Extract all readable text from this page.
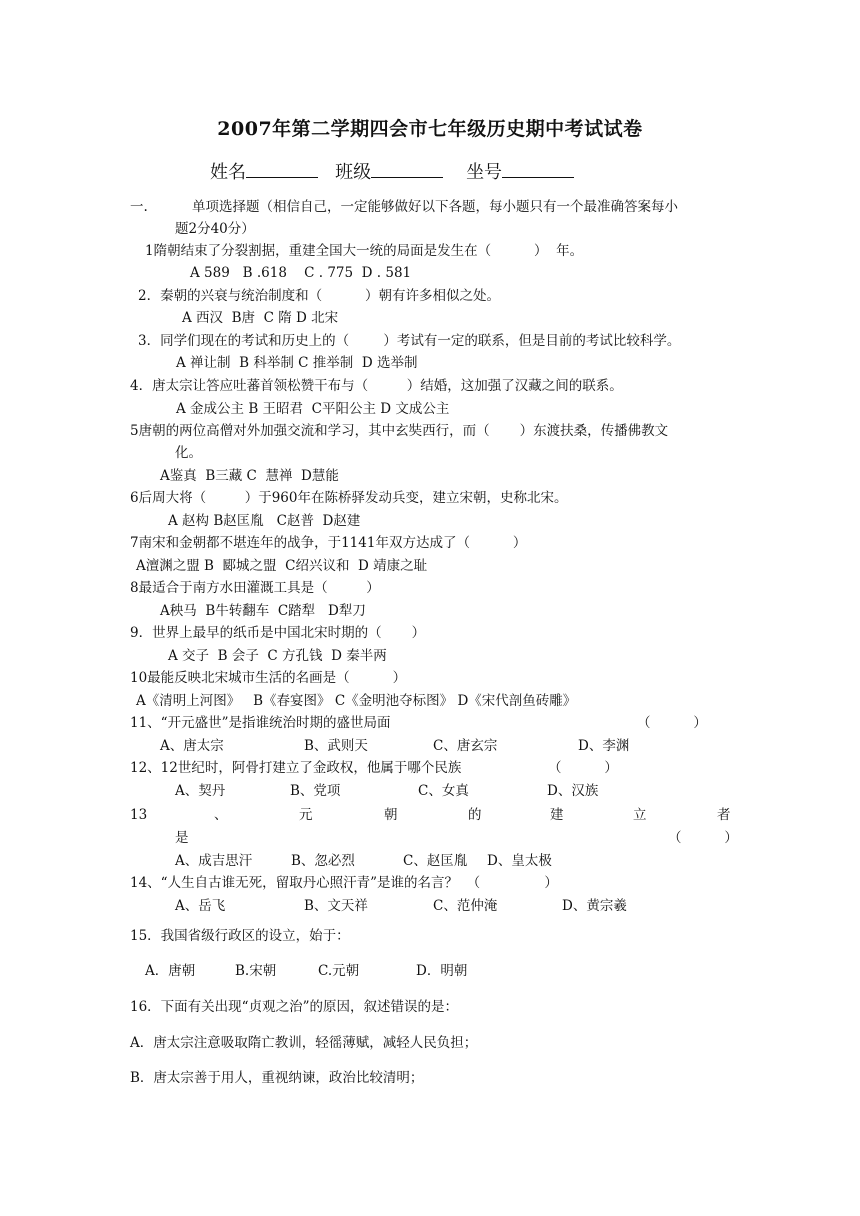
2007年第二学期四会市七年级历史期中考试试卷
姓名	班级	坐号
一.	单项选择题（相信自己，一定能够做好以下各题，每小题只有一个最准确答案每小
题2分40分）
1隋朝结束了分裂割据，重建全国大一统的局面是发生在（          ）  年。
A 589   B .618    C . 775  D . 581
2．秦朝的兴衰与统治制度和（          ）朝有许多相似之处。
A 西汉  B唐  C 隋 D 北宋
3．同学们现在的考试和历史上的（        ）考试有一定的联系，但是目前的考试比较科学。
A 禅让制  B 科举制 C 推举制  D 选举制
4．唐太宗让答应吐蕃首领松赞干布与（         ）结婚，这加强了汉藏之间的联系。
A 金成公主 B 王昭君  C平阳公主 D 文成公主
5唐朝的两位高僧对外加强交流和学习，其中玄奘西行，而（       ）东渡扶桑，传播佛教文
化。
A鉴真  B三藏 C  慧禅  D慧能
6后周大将（         ）于960年在陈桥驿发动兵变，建立宋朝，史称北宋。
A 赵构 B赵匡胤   C赵普  D赵建
7南宋和金朝都不堪连年的战争，于1141年双方达成了（          ）
A澶渊之盟 B  郾城之盟  C绍兴议和  D 靖康之耻
8最适合于南方水田灌溉工具是（         ）
A秧马  B牛转翻车  C踏犁   D犁刀
9．世界上最早的纸币是中国北宋时期的（       ）
A 交子  B 会子  C 方孔钱  D 秦半两
10最能反映北宋城市生活的名画是（          ）
A《清明上河图》   B《春宴图》 C《金明池夺标图》 D《宋代剖鱼砖雕》
11、“开元盛世”是指谁统治时期的盛世局面	（          ）
A、唐太宗	B、武则天	C、唐玄宗	D、李渊
12、12世纪时，阿骨打建立了金政权，他属于哪个民族	（          ）
A、契丹	B、党项	C、女真	D、汉族
13	、	元	朝	的	建	立	者
是	（          ）
A、成吉思汗	B、忽必烈	C、赵匡胤 D、皇太极
14、“人生自古谁无死，留取丹心照汗青”是谁的名言？  （               ）
A、岳飞	B、文天祥	C、范仲淹	D、黄宗羲
15．我国省级行政区的设立，始于：
A．唐朝	B.宋朝	C.元朝	D．明朝
16．下面有关出现“贞观之治”的原因，叙述错误的是：
A．唐太宗注意吸取隋亡教训，轻徭薄赋，减轻人民负担；
B．唐太宗善于用人，重视纳谏，政治比较清明；
